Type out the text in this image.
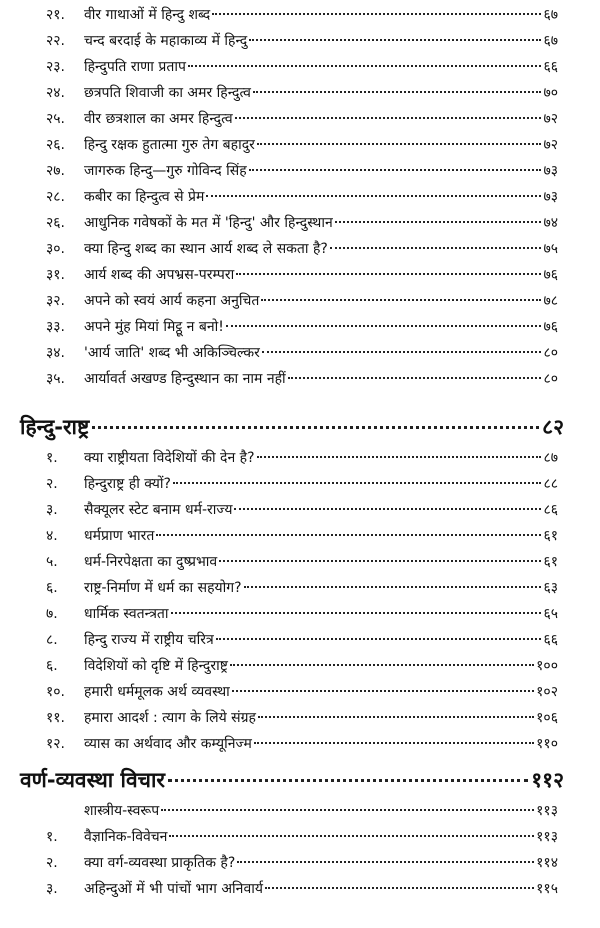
२१.	वीर गाथाओं में हिन्दु शब्द	६७
२२.	चन्द बरदाई के महाकाव्य में हिन्दु	६७
२३.	हिन्दुपति राणा प्रताप	६६
२४.	छत्रपति शिवाजी का अमर हिन्दुत्व	७०
२५.	वीर छत्रशाल का अमर हिन्दुत्व	७२
२६.	हिन्दु रक्षक हुतात्मा गुरु तेग बहादुर	७२
२७.	जागरुक हिन्दु—गुरु गोविन्द सिंह	७३
२८.	कबीर का हिन्दुत्व से प्रेम	७३
२६.	आधुनिक गवेषकों के मत में 'हिन्दु' और हिन्दुस्थान	७४
३०.	क्या हिन्दु शब्द का स्थान आर्य शब्द ले सकता है?	७५
३१.	आर्य शब्द की अपभ्रस-परम्परा	७६
३२.	अपने को स्वयं आर्य कहना अनुचित	७८
३३.	अपने मुंह मियां मिट्ठू न बनो!	७६
३४.	'आर्य जाति' शब्द भी अकिञ्चिल्कर	८०
३५.	आर्यावर्त अखण्ड हिन्दुस्थान का नाम नहीं	८०
हिन्दु-राष्ट्र	८२
१.	क्या राष्ट्रीयता विदेशियों की देन है?	८७
२.	हिन्दुराष्ट्र ही क्यों?	८८
३.	सैक्यूलर स्टेट बनाम धर्म-राज्य	८६
४.	धर्मप्राण भारत	६१
५.	धर्म-निरपेक्षता का दुष्प्रभाव	६१
६.	राष्ट्र-निर्माण में धर्म का सहयोग?	६३
७.	धार्मिक स्वतन्त्रता	६५
८.	हिन्दु राज्य में राष्ट्रीय चरित्र	६६
६.	विदेशियों को दृष्टि में हिन्दुराष्ट्र	१००
१०.	हमारी धर्ममूलक अर्थ व्यवस्था	१०२
११.	हमारा आदर्श : त्याग के लिये संग्रह	१०६
१२.	व्यास का अर्थवाद और कम्यूनिज्म	११०
वर्ण-व्यवस्था विचार	११२
शास्त्रीय-स्वरूप	११३
१.	वैज्ञानिक-विवेचन	११३
२.	क्या वर्ग-व्यवस्था प्राकृतिक है?	११४
३.	अहिन्दुओं में भी पांचों भाग अनिवार्य	११५
